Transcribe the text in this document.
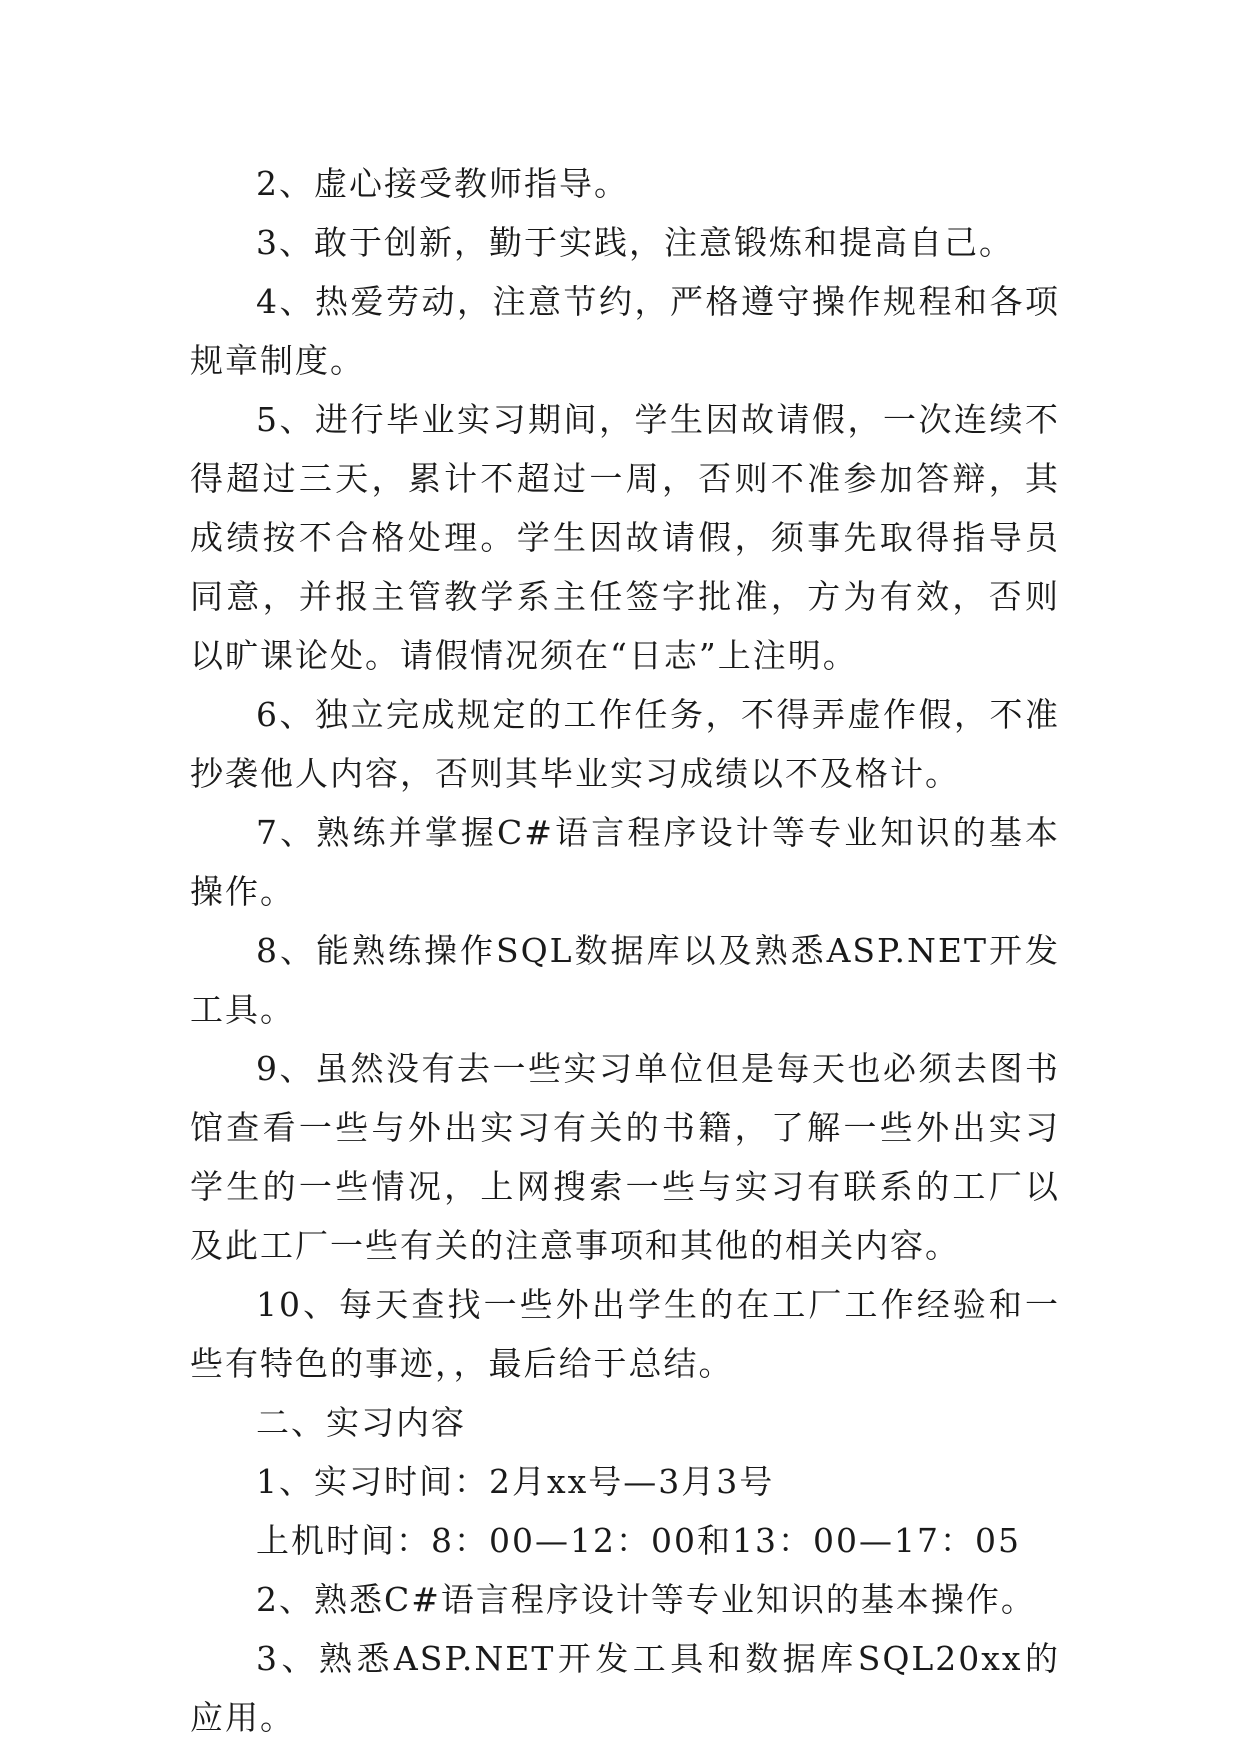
2、虚心接受教师指导。

3、敢于创新，勤于实践，注意锻炼和提高自己。

4、热爱劳动，注意节约，严格遵守操作规程和各项规章制度。

5、进行毕业实习期间，学生因故请假，一次连续不得超过三天，累计不超过一周，否则不准参加答辩，其成绩按不合格处理。学生因故请假，须事先取得指导员同意，并报主管教学系主任签字批准，方为有效，否则以旷课论处。请假情况须在“日志”上注明。

6、独立完成规定的工作任务，不得弄虚作假，不准抄袭他人内容，否则其毕业实习成绩以不及格计。

7、熟练并掌握C#语言程序设计等专业知识的基本操作。

8、能熟练操作SQL数据库以及熟悉ASP.NET开发工具。

9、虽然没有去一些实习单位但是每天也必须去图书馆查看一些与外出实习有关的书籍，了解一些外出实习学生的一些情况，上网搜索一些与实习有联系的工厂以及此工厂一些有关的注意事项和其他的相关内容。

10、每天查找一些外出学生的在工厂工作经验和一些有特色的事迹，，最后给于总结。

二、实习内容

1、实习时间：2月xx号—3月3号

上机时间：8：00—12：00和13：00—17：05

2、熟悉C#语言程序设计等专业知识的基本操作。

3、熟悉ASP.NET开发工具和数据库SQL20xx的应用。
